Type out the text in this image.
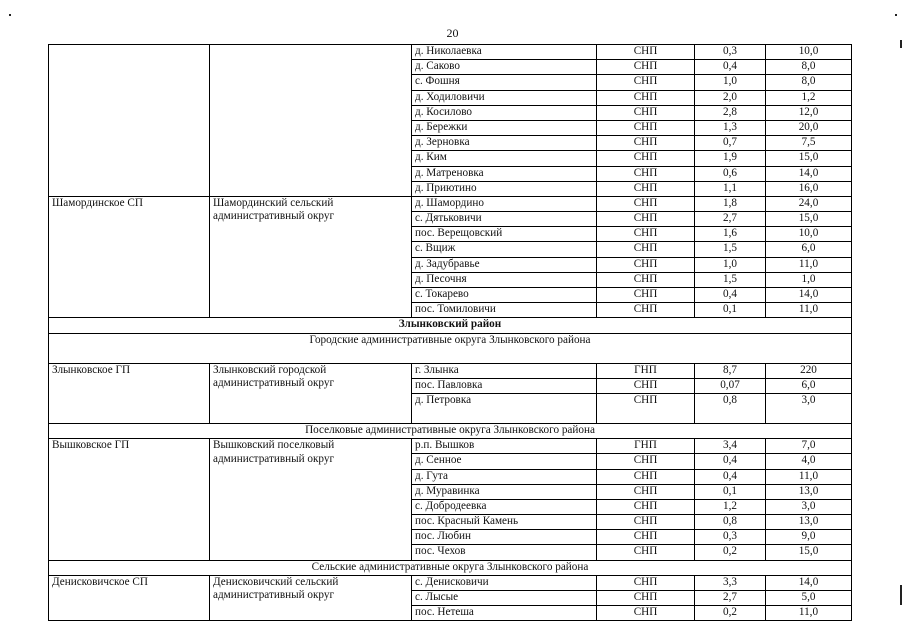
20
		д. Николаевка	СНП	0,3	10,0
		д. Саково	СНП	0,4	8,0
		с. Фошня	СНП	1,0	8,0
		д. Ходиловичи	СНП	2,0	1,2
		д. Косилово	СНП	2,8	12,0
		д. Бережки	СНП	1,3	20,0
		д. Зерновка	СНП	0,7	7,5
		д. Ким	СНП	1,9	15,0
		д. Матреновка	СНП	0,6	14,0
		д. Приютино	СНП	1,1	16,0
Шамординское СП	Шамординский сельский административный округ	д. Шамордино	СНП	1,8	24,0
		с. Дятьковичи	СНП	2,7	15,0
		пос. Верещовский	СНП	1,6	10,0
		с. Вщиж	СНП	1,5	6,0
		д. Задубравье	СНП	1,0	11,0
		д. Песочня	СНП	1,5	1,0
		с. Токарево	СНП	0,4	14,0
		пос. Томиловичи	СНП	0,1	11,0
Злынковский район					
Городские административные округа Злынковского района					
Злынковское ГП	Злынковский городской административный округ	г. Злынка	ГНП	8,7	220
		пос. Павловка	СНП	0,07	6,0
		д. Петровка	СНП	0,8	3,0
Поселковые административные округа Злынковского района					
Вышковское ГП	Вышковский поселковый административный округ	р.п. Вышков	ГНП	3,4	7,0
		д. Сенное	СНП	0,4	4,0
		д. Гута	СНП	0,4	11,0
		д. Муравинка	СНП	0,1	13,0
		с. Добродеевка	СНП	1,2	3,0
		пос. Красный Камень	СНП	0,8	13,0
		пос. Любин	СНП	0,3	9,0
		пос. Чехов	СНП	0,2	15,0
Сельские административные округа Злынковского района					
Денисковичское СП	Денисковичский сельский административный округ	с. Денисковичи	СНП	3,3	14,0
		с. Лысые	СНП	2,7	5,0
		пос. Нетеша	СНП	0,2	11,0
